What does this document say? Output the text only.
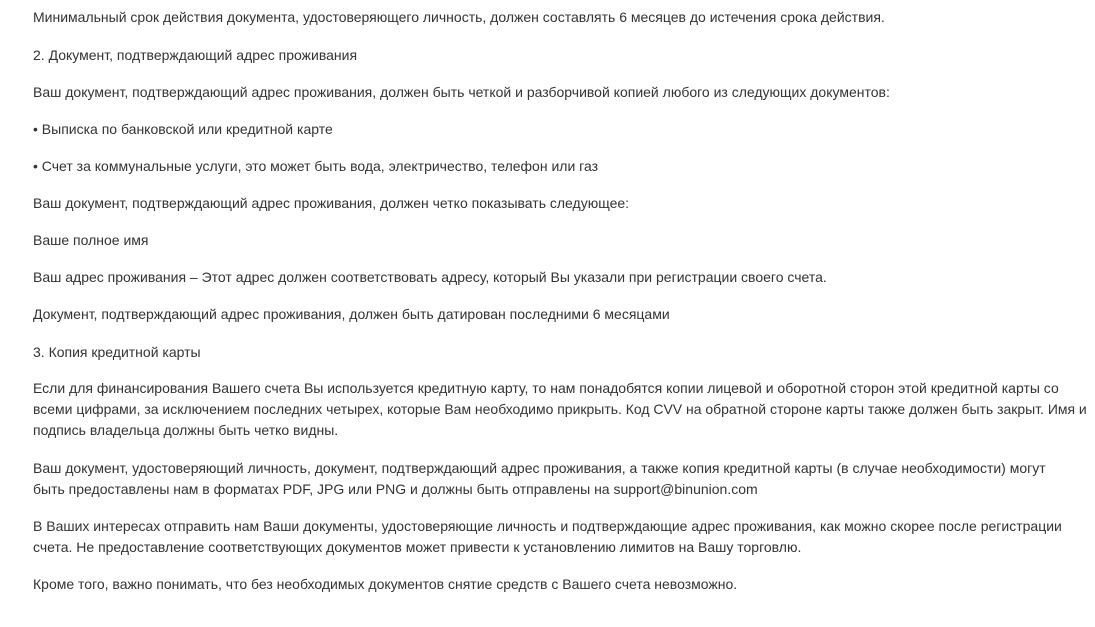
Минимальный срок действия документа, удостоверяющего личность, должен составлять 6 месяцев до истечения срока действия.

2. Документ, подтверждающий адрес проживания

Ваш документ, подтверждающий адрес проживания, должен быть четкой и разборчивой копией любого из следующих документов:

• Выписка по банковской или кредитной карте

• Счет за коммунальные услуги, это может быть вода, электричество, телефон или газ

Ваш документ, подтверждающий адрес проживания, должен четко показывать следующее:

Ваше полное имя

Ваш адрес проживания – Этот адрес должен соответствовать адресу, который Вы указали при регистрации своего счета.

Документ, подтверждающий адрес проживания, должен быть датирован последними 6 месяцами

3. Копия кредитной карты

Если для финансирования Вашего счета Вы используется кредитную карту, то нам понадобятся копии лицевой и оборотной сторон этой кредитной карты со

всеми цифрами, за исключением последних четырех, которые Вам необходимо прикрыть. Код CVV на обратной стороне карты также должен быть закрыт. Имя и

подпись владельца должны быть четко видны.

Ваш документ, удостоверяющий личность, документ, подтверждающий адрес проживания, а также копия кредитной карты (в случае необходимости) могут

быть предоставлены нам в форматах PDF, JPG или PNG и должны быть отправлены на support@binunion.com

В Ваших интересах отправить нам Ваши документы, удостоверяющие личность и подтверждающие адрес проживания, как можно скорее после регистрации

счета. Не предоставление соответствующих документов может привести к установлению лимитов на Вашу торговлю.

Кроме того, важно понимать, что без необходимых документов снятие средств с Вашего счета невозможно.
